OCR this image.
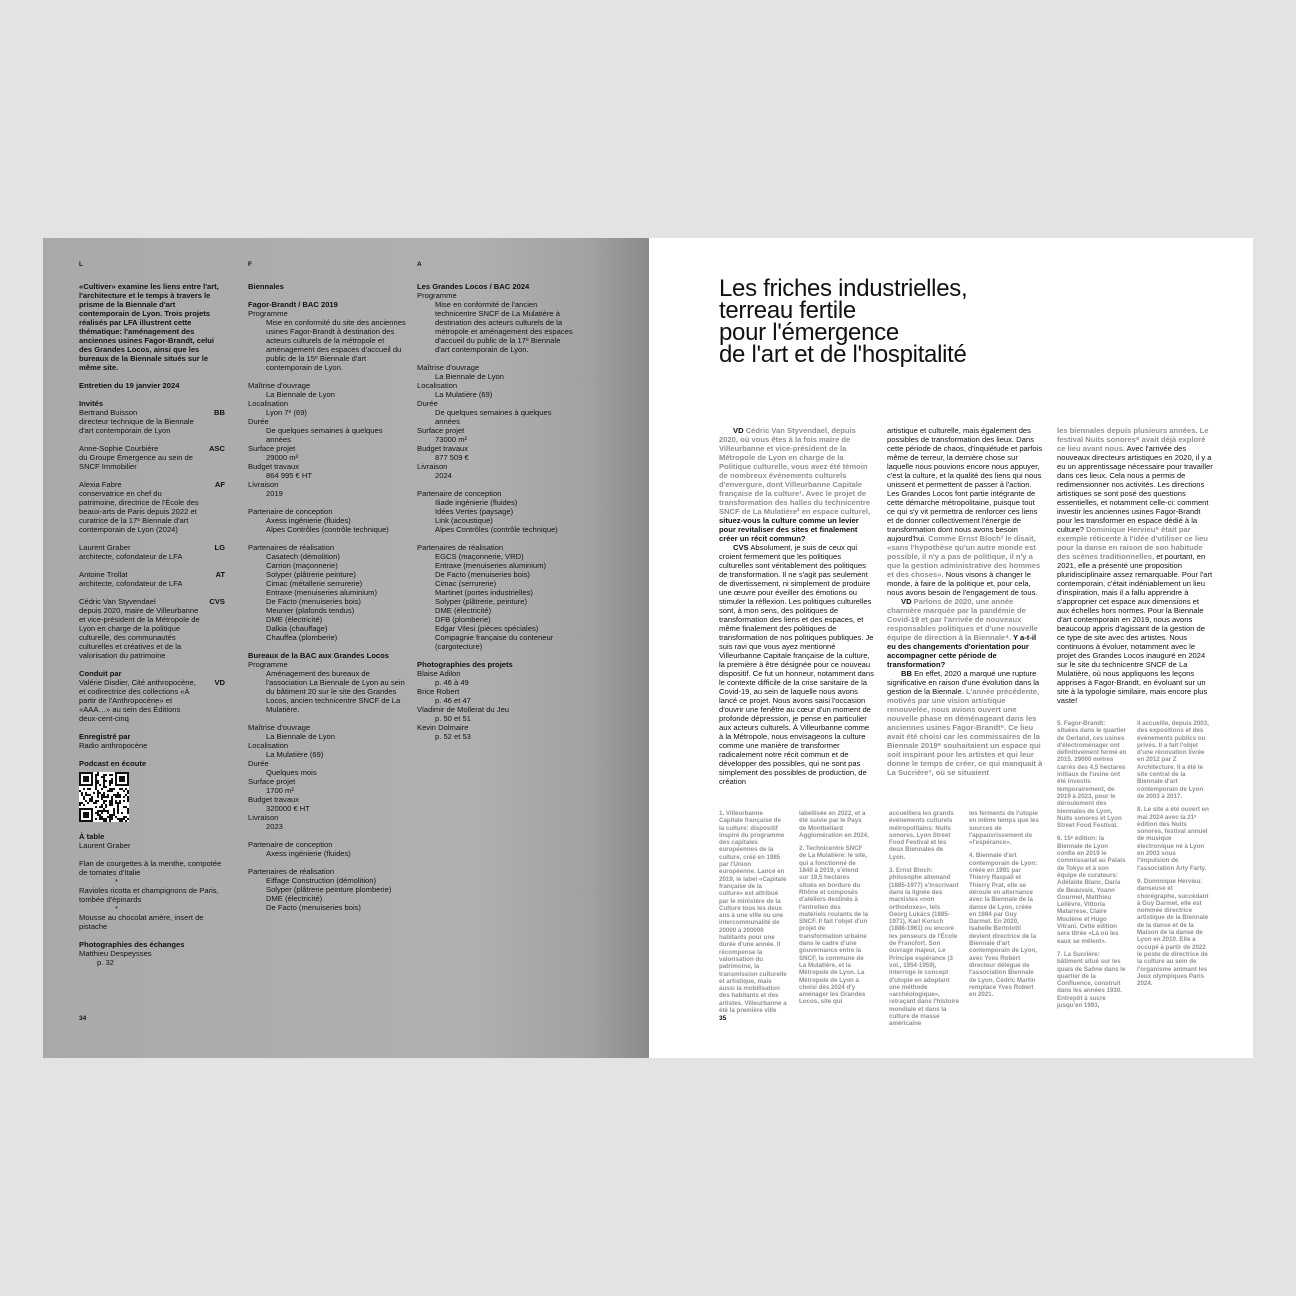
L

«Cultiver» examine les liens entre l'art, l'architecture et le temps à travers le prisme de la Biennale d'art contemporain de Lyon. Trois projets réalisés par LFA illustrent cette thématique: l'aménagement des anciennes usines Fagor-Brandt, celui des Grandes Locos, ainsi que les bureaux de la Biennale situés sur le même site.

Entretien du 19 janvier 2024

Invités

Bertrand Buisson

directeur technique de la Biennale d'art contemporain de Lyon

BB

Anne-Sophie Courbière

du Groupe Émergence au sein de SNCF Immobilier

ASC

Alexia Fabre

conservatrice en chef du patrimoine, directrice de l'École des beaux-arts de Paris depuis 2022 et curatrice de la 17ᵉ Biennale d'art contemporain de Lyon (2024)

AF

Laurent Graber

architecte, cofondateur de LFA

LG

Antoine Trollat

architecte, cofondateur de LFA

AT

Cédric Van Styvendael

depuis 2020, maire de Villeurbanne et vice-président de la Métropole de Lyon en charge de la politique culturelle, des communautés culturelles et créatives et de la valorisation du patrimoine

CVS

Conduit par

Valérie Disdier, Cité anthropocène, et codirectrice des collections «À partir de l'Anthropocène» et «AAA…» au sein des Éditions deux-cent-cinq

VD

Enregistré par

Radio anthropocène

Podcast en écoute

À table

Laurent Graber

Flan de courgettes à la menthe, compotée de tomates d'Italie

*

Ravioles ricotta et champignons de Paris, tombée d'épinards

*

Mousse au chocolat amère, insert de pistache

Photographies des échanges

Matthieu Despeysses

p. 32

F

Biennales

Fagor-Brandt / BAC 2019

Programme

Mise en conformité du site des anciennes usines Fagor-Brandt à destination des acteurs culturels de la métropole et aménagement des espaces d'accueil du public de la 15ᵉ Biennale d'art contemporain de Lyon.

Maîtrise d'ouvrage

La Biennale de Lyon

Localisation

Lyon 7ᵉ (69)

Durée

De quelques semaines à quelques années

Surface projet

29000 m²

Budget travaux

864 995 € HT

Livraison

2019

Partenaire de conception

Axess ingénierie (fluides)

Alpes Contrôles (contrôle technique)

Partenaires de réalisation

Casatech (démolition)

Carrion (maçonnerie)

Solyper (plâtrerie peinture)

Cimac (métallerie serrurerie)

Entraxe (menuiseries aluminium)

De Facto (menuiseries bois)

Meunier (plafonds tendus)

DME (électricité)

Dalkia (chauffage)

Chauffea (plomberie)

Bureaux de la BAC aux Grandes Locos

Programme

Aménagement des bureaux de l'association La Biennale de Lyon au sein du bâtiment 20 sur le site des Grandes Locos, ancien technicentre SNCF de La Mulatière.

Maîtrise d'ouvrage

La Biennale de Lyon

Localisation

La Mulatière (69)

Durée

Quelques mois

Surface projet

1700 m²

Budget travaux

320000 € HT

Livraison

2023

Partenaire de conception

Axess ingénierie (fluides)

Partenaires de réalisation

Eiffage Construction (démolition)

Solyper (plâtrerie peinture plomberie)

DME (électricité)

De Facto (menuiseries bois)

A

Les Grandes Locos / BAC 2024

Programme

Mise en conformité de l'ancien technicentre SNCF de La Mulatière à destination des acteurs culturels de la métropole et aménagement des espaces d'accueil du public de la 17ᵉ Biennale d'art contemporain de Lyon.

Maîtrise d'ouvrage

La Biennale de Lyon

Localisation

La Mulatière (69)

Durée

De quelques semaines à quelques années

Surface projet

73000 m²

Budget travaux

877 509 €

Livraison

2024

Partenaire de conception

Iliade ingénierie (fluides)

Idées Vertes (paysage)

Link (acoustique)

Alpes Contrôles (contrôle technique)

Partenaires de réalisation

EGCS (maçonnerie, VRD)

Entraxe (menuiseries aluminium)

De Facto (menuiseries bois)

Cimac (serrurerie)

Martinet (portes industrielles)

Solyper (plâtrerie, peinture)

DME (électricité)

DFB (plomberie)

Edgar Vilesi (pièces spéciales)

Compagnie française du conteneur (cargotecture)

Photographies des projets

Blaise Adilon

p. 46 à 49

Brice Robert

p. 46 et 47

Vladimir de Mollerat du Jeu

p. 50 et 51

Kevin Dolmaire

p. 52 et 53

34
Les friches industrielles,
terreau fertile
pour l'émergence
de l'art et de l'hospitalité
VD Cédric Van Styvendael, depuis 2020, où vous êtes à la fois maire de Villeurbanne et vice-président de la Métropole de Lyon en charge de la Politique culturelle, vous avez été témoin de nombreux événements culturels d'envergure, dont Villeurbanne Capitale française de la culture¹. Avec le projet de transformation des halles du technicentre SNCF de La Mulatière² en espace culturel, situez-vous la culture comme un levier pour revitaliser des sites et finalement créer un récit commun?
CVS Absolument, je suis de ceux qui croient fermement que les politiques culturelles sont véritablement des politiques de transformation. Il ne s'agit pas seulement de divertissement, ni simplement de produire une œuvre pour éveiller des émotions ou stimuler la réflexion. Les politiques culturelles sont, à mon sens, des politiques de transformation des liens et des espaces, et même finalement des politiques de transformation de nos politiques publiques. Je suis ravi que vous ayez mentionné Villeurbanne Capitale française de la culture, la première à être désignée pour ce nouveau dispositif. Ce fut un honneur, notamment dans le contexte difficile de la crise sanitaire de la Covid-19, au sein de laquelle nous avons lancé ce projet. Nous avons saisi l'occasion d'ouvrir une fenêtre au cœur d'un moment de profonde dépression, je pense en particulier aux acteurs culturels. À Villeurbanne comme à la Métropole, nous envisageons la culture comme une manière de transformer radicalement notre récit commun et de développer des possibles, qui ne sont pas simplement des possibles de production, de création
artistique et culturelle, mais également des possibles de transformation des lieux. Dans cette période de chaos, d'inquiétude et parfois même de terreur, la dernière chose sur laquelle nous pouvions encore nous appuyer, c'est la culture, et la qualité des liens qui nous unissent et permettent de passer à l'action. Les Grandes Locos font partie intégrante de cette démarche métropolitaine, puisque tout ce qui s'y vit permettra de renforcer ces liens et de donner collectivement l'énergie de transformation dont nous avons besoin aujourd'hui. Comme Ernst Bloch³ le disait, «sans l'hypothèse qu'un autre monde est possible, il n'y a pas de politique, il n'y a que la gestion administrative des hommes et des choses». Nous visons à changer le monde, à faire de la politique et, pour cela, nous avons besoin de l'engagement de tous.
VD Parlons de 2020, une année charnière marquée par la pandémie de Covid-19 et par l'arrivée de nouveaux responsables politiques et d'une nouvelle équipe de direction à la Biennale⁴. Y a-t-il eu des changements d'orientation pour accompagner cette période de transformation?
BB En effet, 2020 a marqué une rupture significative en raison d'une évolution dans la gestion de la Biennale. L'année précédente, motivés par une vision artistique renouvelée, nous avions ouvert une nouvelle phase en déménageant dans les anciennes usines Fagor-Brandt⁵. Ce lieu avait été choisi car les commissaires de la Biennale 2019⁶ souhaitaient un espace qui soit inspirant pour les artistes et qui leur donne le temps de créer, ce qui manquait à La Sucrière⁷, où se situaient
les biennales depuis plusieurs années. Le festival Nuits sonores⁸ avait déjà exploré ce lieu avant nous. Avec l'arrivée des nouveaux directeurs artistiques en 2020, il y a eu un apprentissage nécessaire pour travailler dans ces lieux. Cela nous a permis de redimensionner nos activités. Les directions artistiques se sont posé des questions essentielles, et notamment celle-ci: comment investir les anciennes usines Fagor-Brandt pour les transformer en espace dédié à la culture? Dominique Hervieu⁹ était par exemple réticente à l'idée d'utiliser ce lieu pour la danse en raison de son habitude des scènes traditionnelles, et pourtant, en 2021, elle a présenté une proposition pluridisciplinaire assez remarquable. Pour l'art contemporain, c'était indéniablement un lieu d'inspiration, mais il a fallu apprendre à s'approprier cet espace aux dimensions et aux échelles hors normes. Pour la Biennale d'art contemporain en 2019, nous avons beaucoup appris d'agissant de la gestion de ce type de site avec des artistes. Nous continuons à évoluer, notamment avec le projet des Grandes Locos inauguré en 2024 sur le site du technicentre SNCF de La Mulatière, où nous appliquons les leçons apprises à Fagor-Brandt, en évoluant sur un site à la typologie similaire, mais encore plus vaste!

1. Villeurbanne Capitale française de la culture: dispositif inspiré du programme des capitales européennes de la culture, créé en 1985 par l'Union européenne. Lancé en 2019, le label «Capitale française de la culture» est attribué par le ministère de la Culture tous les deux ans à une ville ou une intercommunalité de 20000 à 200000 habitants pour une durée d'une année. Il récompense la valorisation du patrimoine, la transmission culturelle et artistique, mais aussi la mobilisation des habitants et des artistes. Villeurbanne a été la première ville

labellisée en 2022, et a été suivie par le Pays de Montbéliard Agglomération en 2024.

2. Technicentre SNCF de La Mulatière: le site, qui a fonctionné de 1840 à 2019, s'étend sur 19,5 hectares situés en bordure du Rhône et composés d'ateliers destinés à l'entretien des matériels roulants de la SNCF. Il fait l'objet d'un projet de transformation urbaine dans le cadre d'une gouvernance entre la SNCF, la commune de La Mulatière, et la Métropole de Lyon. La Métropole de Lyon a choisi dès 2024 d'y aménager les Grandes Locos, site qui

accueillera les grands événements culturels métropolitains: Nuits sonores, Lyon Street Food Festival et les deux Biennales de Lyon.

3. Ernst Bloch: philosophe allemand (1885-1977) s'inscrivant dans la lignée des marxistes «non orthodoxes», tels Georg Lukács (1885-1971), Karl Korsch (1886-1961) ou encore les penseurs de l'École de Francfort. Son ouvrage majeur, Le Principe espérance (3 vol., 1954-1959), interroge le concept d'utopie en adoptant une méthode «archéologique», retraçant dans l'histoire mondiale et dans la culture de masse américaine

les ferments de l'utopie en même temps que les sources de l'appauvrissement de «l'espérance».

4. Biennale d'art contemporain de Lyon: créée en 1991 par Thierry Raspail et Thierry Prat, elle se déroule en alternance avec la Biennale de la danse de Lyon, créée en 1984 par Guy Darmet. En 2020, Isabelle Bertolotti devient directrice de la Biennale d'art contemporain de Lyon, avec Yves Robert directeur délégué de l'association Biennale de Lyon. Cédric Martin remplace Yves Robert en 2021.

5. Fagor-Brandt: situées dans le quartier de Gerland, ces usines d'électroménager ont définitivement fermé en 2015. 29000 mètres carrés des 4,5 hectares initiaux de l'usine ont été investis temporairement, de 2019 à 2023, pour le déroulement des biennales de Lyon, Nuits sonores et Lyon Street Food Festival.

6. 15ᵉ édition: la Biennale de Lyon confie en 2019 le commissariat au Palais de Tokyo et à son équipe de curateurs: Adélaïde Blanc, Daria de Beauvais, Yoann Gourmel, Matthieu Lelièvre, Vittoria Matarrese, Claire Moulène et Hugo Vitrani. Cette édition sera titrée «Là où les eaux se mêlent».

7. La Sucrière: bâtiment situé sur les quais de Saône dans le quartier de la Confluence, construit dans les années 1930. Entrepôt à sucre jusqu'en 1993,

il accueille, depuis 2003, des expositions et des événements publics ou privés. Il a fait l'objet d'une rénovation livrée en 2012 par Z Architecture. Il a été le site central de la Biennale d'art contemporain de Lyon de 2003 à 2017.

8. Le site a été ouvert en mai 2024 avec la 21ᵉ édition des Nuits sonores, festival annuel de musique électronique né à Lyon en 2003 sous l'impulsion de l'association Arty Farty.

9. Dominique Hervieu: danseuse et chorégraphe, succédant à Guy Darmet, elle est nommée directrice artistique de la Biennale de la danse et de la Maison de la danse de Lyon en 2010. Elle a occupé à partir de 2022 le poste de directrice de la culture au sein de l'organisme animant les Jeux olympiques Paris 2024.

35
